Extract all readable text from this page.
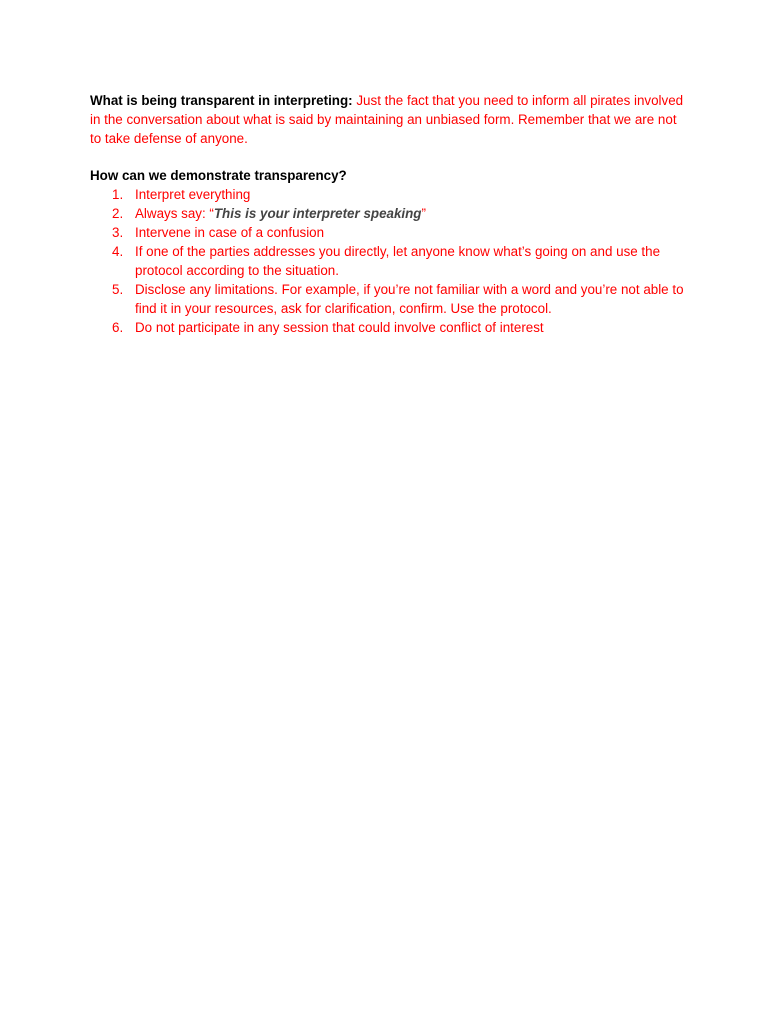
What is being transparent in interpreting: Just the fact that you need to inform all pirates involved in the conversation about what is said by maintaining an unbiased form. Remember that we are not to take defense of anyone.

How can we demonstrate transparency?

1. Interpret everything
2. Always say: “This is your interpreter speaking”
3. Intervene in case of a confusion
4. If one of the parties addresses you directly, let anyone know what’s going on and use the protocol according to the situation.
5. Disclose any limitations. For example, if you’re not familiar with a word and you’re not able to find it in your resources, ask for clarification, confirm. Use the protocol.
6. Do not participate in any session that could involve conflict of interest
